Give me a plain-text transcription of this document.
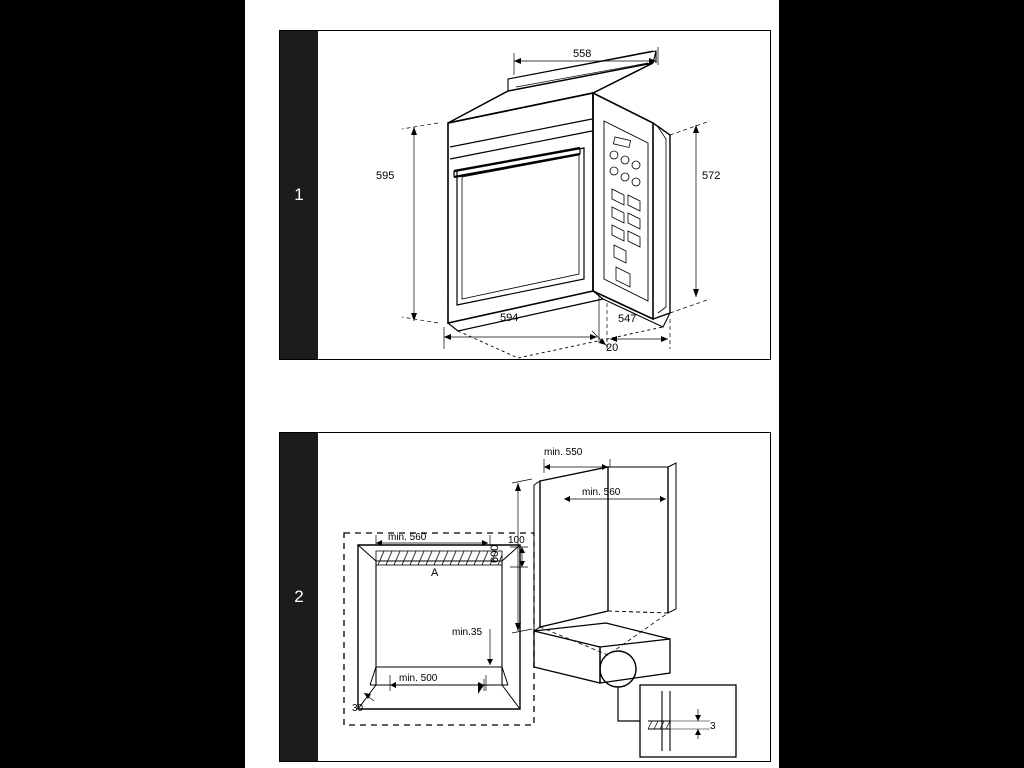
1
558
595	572
594	547
20
2
min. 560	100
A
min.35
min. 500
30
min. 550
min. 560
600
3
